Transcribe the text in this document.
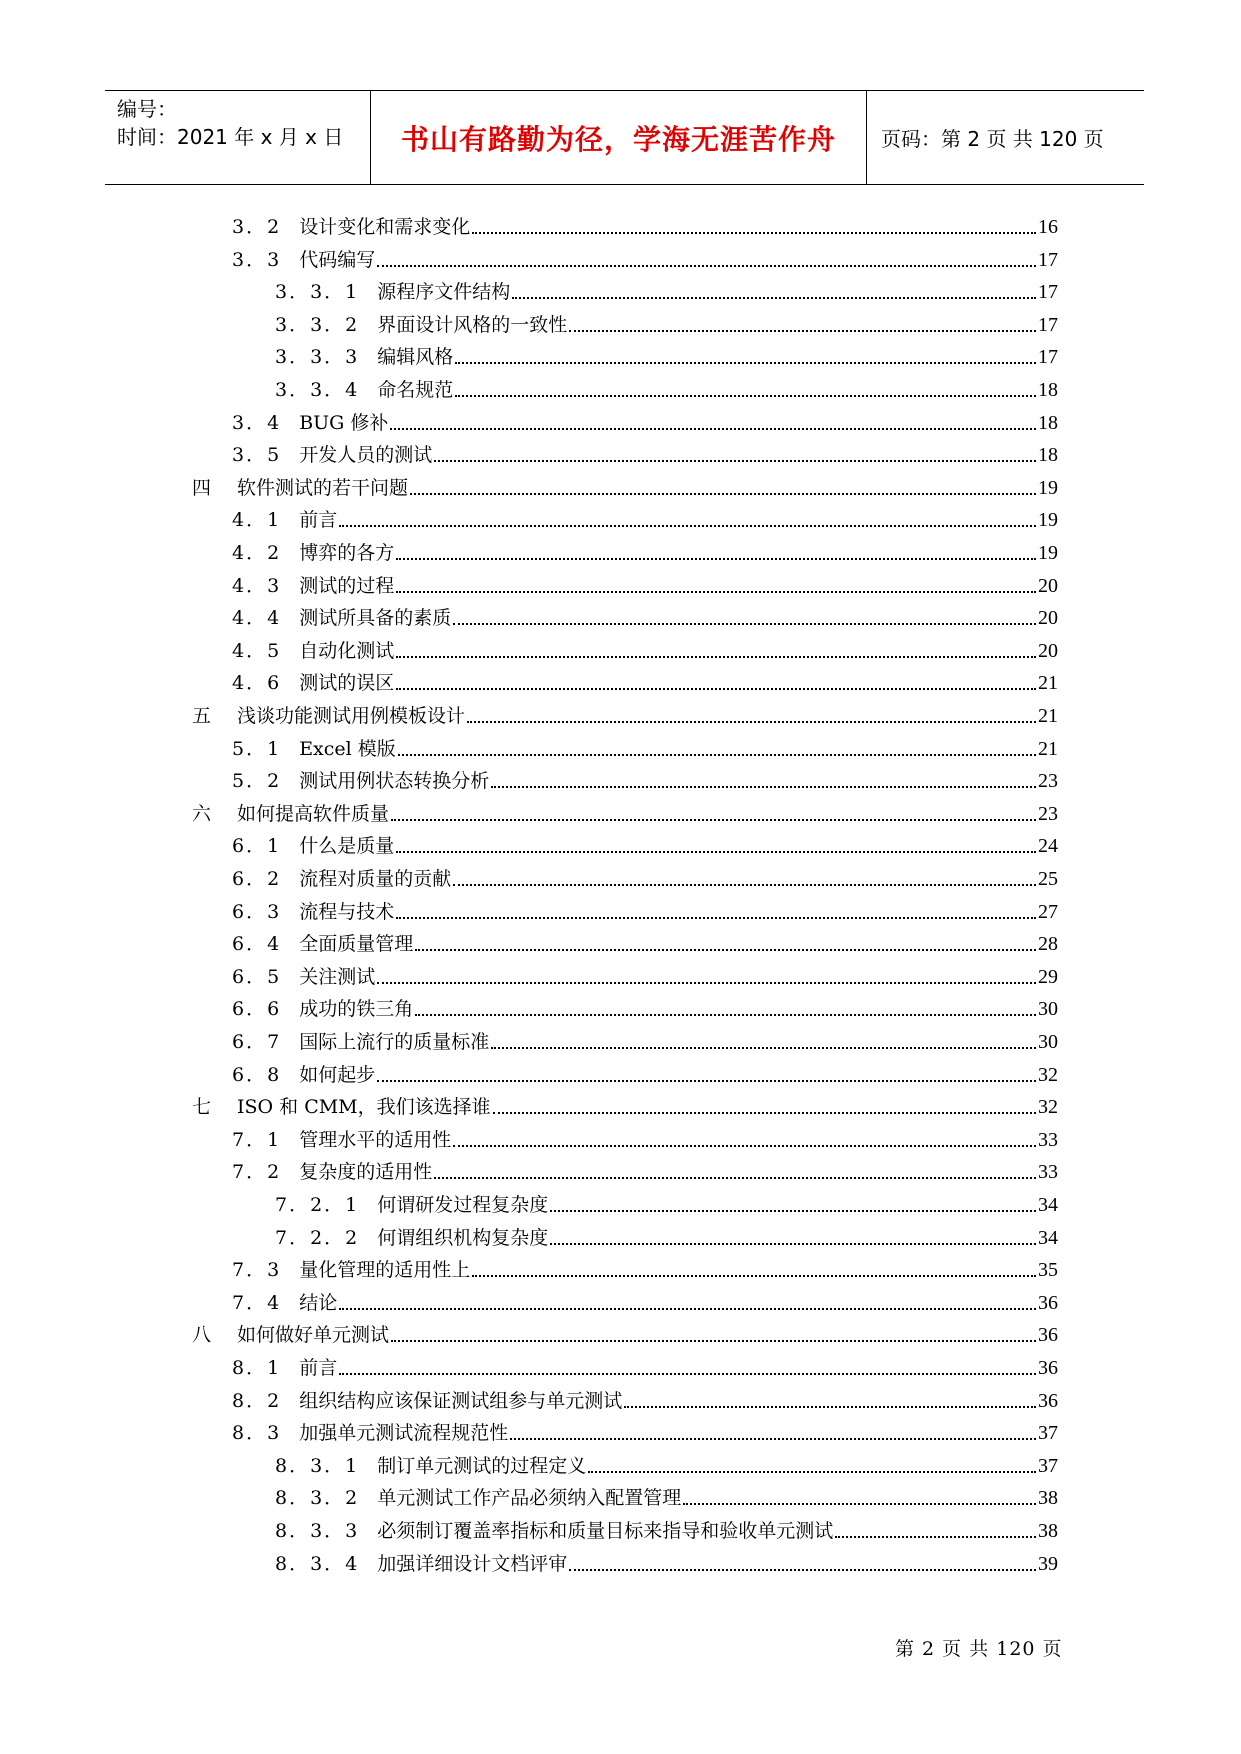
编号：
时间：2021 年 x 月 x 日 书山有路勤为径，学海无涯苦作舟 页码：第 2 页 共 120 页
3．2 设计变化和需求变化	16
3．3 代码编写	17
3．3．1 源程序文件结构	17
3．3．2 界面设计风格的一致性	17
3．3．3 编辑风格	17
3．3．4 命名规范	18
3．4 BUG 修补	18
3．5 开发人员的测试	18
四 软件测试的若干问题	19
4．1 前言	19
4．2 博弈的各方	19
4．3 测试的过程	20
4．4 测试所具备的素质	20
4．5 自动化测试	20
4．6 测试的误区	21
五 浅谈功能测试用例模板设计	21
5．1 Excel 模版	21
5．2 测试用例状态转换分析	23
六 如何提高软件质量	23
6．1 什么是质量	24
6．2 流程对质量的贡献	25
6．3 流程与技术	27
6．4 全面质量管理	28
6．5 关注测试	29
6．6 成功的铁三角	30
6．7 国际上流行的质量标准	30
6．8 如何起步	32
七 ISO 和 CMM，我们该选择谁	32
7．1 管理水平的适用性	33
7．2 复杂度的适用性	33
7．2．1 何谓研发过程复杂度	34
7．2．2 何谓组织机构复杂度	34
7．3 量化管理的适用性上	35
7．4 结论	36
八 如何做好单元测试	36
8．1 前言	36
8．2 组织结构应该保证测试组参与单元测试	36
8．3 加强单元测试流程规范性	37
8．3．1 制订单元测试的过程定义	37
8．3．2 单元测试工作产品必须纳入配置管理	38
8．3．3 必须制订覆盖率指标和质量目标来指导和验收单元测试	38
8．3．4 加强详细设计文档评审	39
第 2 页 共 120 页
